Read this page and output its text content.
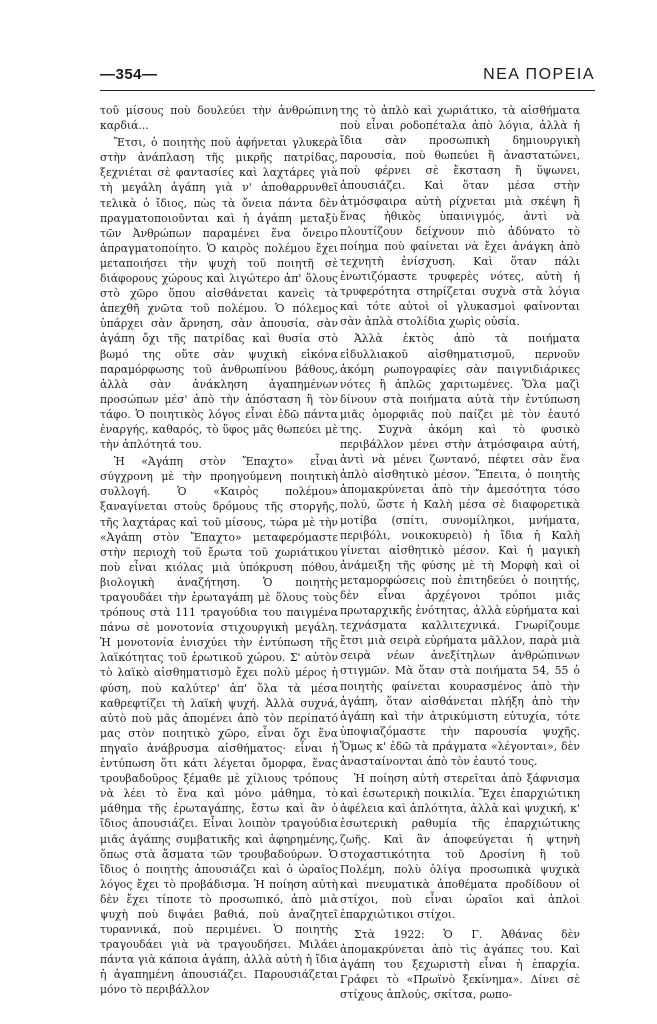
—354—	ΝΕΑ ΠΟΡΕΙΑ

τοῦ μίσους ποὺ δουλεύει τὴν ἀνθρώπινη καρδιά...

Ἔτσι, ὁ ποιητὴς ποὺ ἀφήνεται γλυκερὰ στὴν ἀνάπλαση τῆς μικρῆς πατρίδας, ξεχνιέται σὲ φαντασίες καὶ λαχτάρες γιὰ τὴ μεγάλη ἀγάπη γιὰ ν' ἀποθαρρυνθεῖ τελικὰ ὁ ἴδιος, πὼς τὰ ὄνεια πάντα δὲν πραγματοποιοῦνται καὶ ἡ ἀγάπη μεταξὺ τῶν Ἀνθρώπων παραμένει ἕνα ὄνειρο ἀπραγματοποίητο. Ὁ καιρὸς πολέμου ἔχει μεταποιήσει τὴν ψυχὴ τοῦ ποιητῆ σὲ διάφορους χώρους καὶ λιγώτερο ἀπ' ὅλους στὸ χῶρο ὅπου αἰσθάνεται κανεὶς τὰ ἀπεχθῆ χνῶτα τοῦ πολέμου. Ὁ πόλεμος ὑπάρχει σὰν ἄρνηση, σὰν ἀπουσία, σὰν ἀγάπη ὄχι τῆς πατρίδας καὶ θυσία στὸ βωμό της οὔτε σὰν ψυχικὴ εἰκόνα παραμόρφωσης τοῦ ἀνθρωπίνου βάθους, ἀλλὰ σὰν ἀνάκληση ἀγαπημένων προσώπων μέσ' ἀπὸ τὴν ἀπόσταση ἢ τὸν τάφο. Ὁ ποιητικὸς λόγος εἶναι ἐδῶ πάντα ἐναργής, καθαρός, τὸ ὕφος μᾶς θωπεύει μὲ τὴν ἁπλότητά του.

Ἡ «Ἀγάπη στὸν Ἔπαχτο» εἶναι σύγχρονη μὲ τὴν προηγούμενη ποιητικὴ συλλογή. Ὁ «Καιρὸς πολέμου» ξαναγίνεται στοὺς δρόμους τῆς στοργῆς, τῆς λαχτάρας καὶ τοῦ μίσους, τώρα μὲ τὴν «Ἀγάπη στὸν Ἔπαχτο» μεταφερόμαστε στὴν περιοχὴ τοῦ ἔρωτα τοῦ χωριάτικου ποὺ εἶναι κιόλας μιὰ ὑπόκρυση πόθου, βιολογικὴ ἀναζήτηση. Ὁ ποιητὴς τραγουδάει τὴν ἐρωταγάπη μὲ ὅλους τοὺς τρόπους στὰ 111 τραγούδια του παιγμένα πάνω σὲ μονοτονία στιχουργικὴ μεγάλη. Ἡ μονοτονία ἐνισχύει τὴν ἐντύπωση τῆς λαϊκότητας τοῦ ἐρωτικοῦ χώρου. Σ' αὐτὸν τὸ λαϊκὸ αἰσθηματισμὸ ἔχει πολὺ μέρος ἡ φύση, ποὺ καλύτερ' ἀπ' ὅλα τὰ μέσα καθρεφτίζει τὴ λαϊκὴ ψυχή. Ἀλλὰ συχνά, αὐτὸ ποὺ μᾶς ἀπομένει ἀπὸ τὸν περίπατό μας στὸν ποιητικὸ χῶρο, εἶναι ὄχι ἕνα πηγαῖο ἀνάβρυσμα αἰσθήματος· εἶναι ἡ ἐντύπωση ὅτι κάτι λέγεται ὄμορφα, ἕνας τρουβαδοῦρος ξέμαθε μὲ χίλιους τρόπους νὰ λέει τὸ ἕνα καὶ μόνο μάθημα, τὸ μάθημα τῆς ἐρωταγάπης, ἔστω καὶ ἂν ὁ ἴδιος ἀπουσιάζει. Εἶναι λοιπὸν τραγούδια μιᾶς ἀγάπης συμβατικῆς καὶ ἀφηρημένης, ὅπως στὰ ἄσματα τῶν τρουβαδούρων. Ὁ ἴδιος ὁ ποιητὴς ἀπουσιάζει καὶ ὁ ὡραῖος λόγος ἔχει τὸ προβάδισμα. Ἡ ποίηση αὐτὴ δὲν ἔχει τίποτε τὸ προσωπικό, ἀπὸ μιὰ ψυχὴ ποὺ διψάει βαθιά, ποὺ ἀναζητεῖ τυραννικά, ποὺ περιμένει. Ὁ ποιητὴς τραγουδάει γιὰ νὰ τραγουδήσει. Μιλάει πάντα γιὰ κάποια ἀγάπη, ἀλλὰ αὐτὴ ἡ ἴδια ἡ ἀγαπημένη ἀπουσιάζει. Παρουσιάζεται μόνο τὸ περιβάλλον

της τὸ ἁπλὸ καὶ χωριάτικο, τὰ αἰσθήματα ποὺ εἶναι ροδοπέταλα ἀπὸ λόγια, ἀλλὰ ἡ ἴδια σὰν προσωπικὴ δημιουργικὴ παρουσία, ποὺ θωπεύει ἢ ἀναστατώνει, ποὺ φέρνει σὲ ἔκσταση ἢ ὕψωνει, ἀπουσιάζει. Καὶ ὅταν μέσα στὴν ἀτμόσφαιρα αὐτὴ ρίχνεται μιὰ σκέψη ἢ ἕνας ἠθικὸς ὑπαινιγμός, ἀντὶ νὰ πλουτίζουν δείχνουν πιὸ ἀδύνατο τὸ ποίημα ποὺ φαίνεται νὰ ἔχει ἀνάγκη ἀπὸ τεχνητὴ ἐνίσχυση. Καὶ ὅταν πάλι ἐνωτιζόμαστε τρυφερὲς νότες, αὐτὴ ἡ τρυφερότητα στηρίζεται συχνὰ στὰ λόγια καὶ τότε αὐτοὶ οἱ γλυκασμοὶ φαίνονται σὰν ἁπλὰ στολίδια χωρὶς οὐσία.

Ἀλλὰ ἐκτὸς ἀπὸ τὰ ποιήματα εἰδυλλιακοῦ αἰσθηματισμοῦ, περνοῦν ἀκόμη ρωπογραφίες σὰν παιγνιδιάρικες νότες ἢ ἁπλῶς χαριτωμένες. Ὅλα μαζὶ δίνουν στὰ ποιήματα αὐτὰ τὴν ἐντύπωση μιᾶς ὁμορφιᾶς ποὺ παίζει μὲ τὸν ἑαυτό της. Συχνὰ ἀκόμη καὶ τὸ φυσικὸ περιβάλλον μένει στὴν ἀτμόσφαιρα αὐτή, ἀντὶ νὰ μένει ζωντανό, πέφτει σὰν ἕνα ἁπλὸ αἰσθητικὸ μέσον. Ἔπειτα, ὁ ποιητὴς ἀπομακρύνεται ἀπὸ τὴν ἀμεσότητα τόσο πολύ, ὥστε ἡ Καλὴ μέσα σὲ διαφορετικὰ μοτίβα (σπίτι, συνομίληκοι, μνήματα, περιβόλι, νοικοκυρειὸ) ἡ ἴδια ἡ Καλὴ γίνεται αἰσθητικὸ μέσον. Καὶ ἡ μαγικὴ ἀνάμειξη τῆς φύσης μὲ τὴ Μορφὴ καὶ οἱ μεταμορφώσεις ποὺ ἐπιτηδεύει ὁ ποιητής, δὲν εἶναι ἀρχέγονοι τρόποι μιᾶς πρωταρχικῆς ἑνότητας, ἀλλὰ εὑρήματα καὶ τεχνάσματα καλλιτεχνικά. Γνωρίζουμε ἔτσι μιὰ σειρὰ εὑρήματα μᾶλλον, παρὰ μιὰ σειρὰ νέων ἀνεξίτηλων ἀνθρώπινων στιγμῶν. Μὰ ὅταν στὰ ποιήματα 54, 55 ὁ ποιητὴς φαίνεται κουρασμένος ἀπὸ τὴν ἀγάπη, ὅταν αἰσθάνεται πλήξη ἀπὸ τὴν ἀγάπη καὶ τὴν ἀτρικύμιστη εὐτυχία, τότε ὑποψιαζόμαστε τὴν παρουσία ψυχῆς. Ὅμως κ' ἐδῶ τὰ πράγματα «λέγονται», δὲν ἀνασταίνονται ἀπὸ τὸν ἑαυτό τους.

Ἡ ποίηση αὐτὴ στερεῖται ἀπὸ ξάφνισμα καὶ ἐσωτερικὴ ποικιλία. Ἔχει ἐπαρχιώτικη ἀφέλεια καὶ ἁπλότητα, ἀλλὰ καὶ ψυχική, κ' ἐσωτερικὴ ραθυμία τῆς ἐπαρχιώτικης ζωῆς. Καὶ ἂν ἀποφεύγεται ἡ ψτηνὴ στοχαστικότητα τοῦ Δροσίνη ἢ τοῦ Πολέμη, πολὺ ὀλίγα προσωπικὰ ψυχικὰ καὶ πνευματικὰ ἀποθέματα προδίδουν οἱ στίχοι, ποὺ εἶναι ὡραῖοι καὶ ἁπλοὶ ἐπαρχιώτικοι στίχοι.

Στὰ 1922: Ὁ Γ. Ἀθάνας δὲν ἀπομακρύνεται ἀπὸ τὶς ἀγάπες του. Καὶ ἀγάπη του ξεχωριστὴ εἶναι ἡ ἐπαρχία. Γράφει τὸ «Πρωϊνὸ ξεκίνημα». Δίνει σὲ στίχους ἁπλούς, σκίτσα, ρωπο-
